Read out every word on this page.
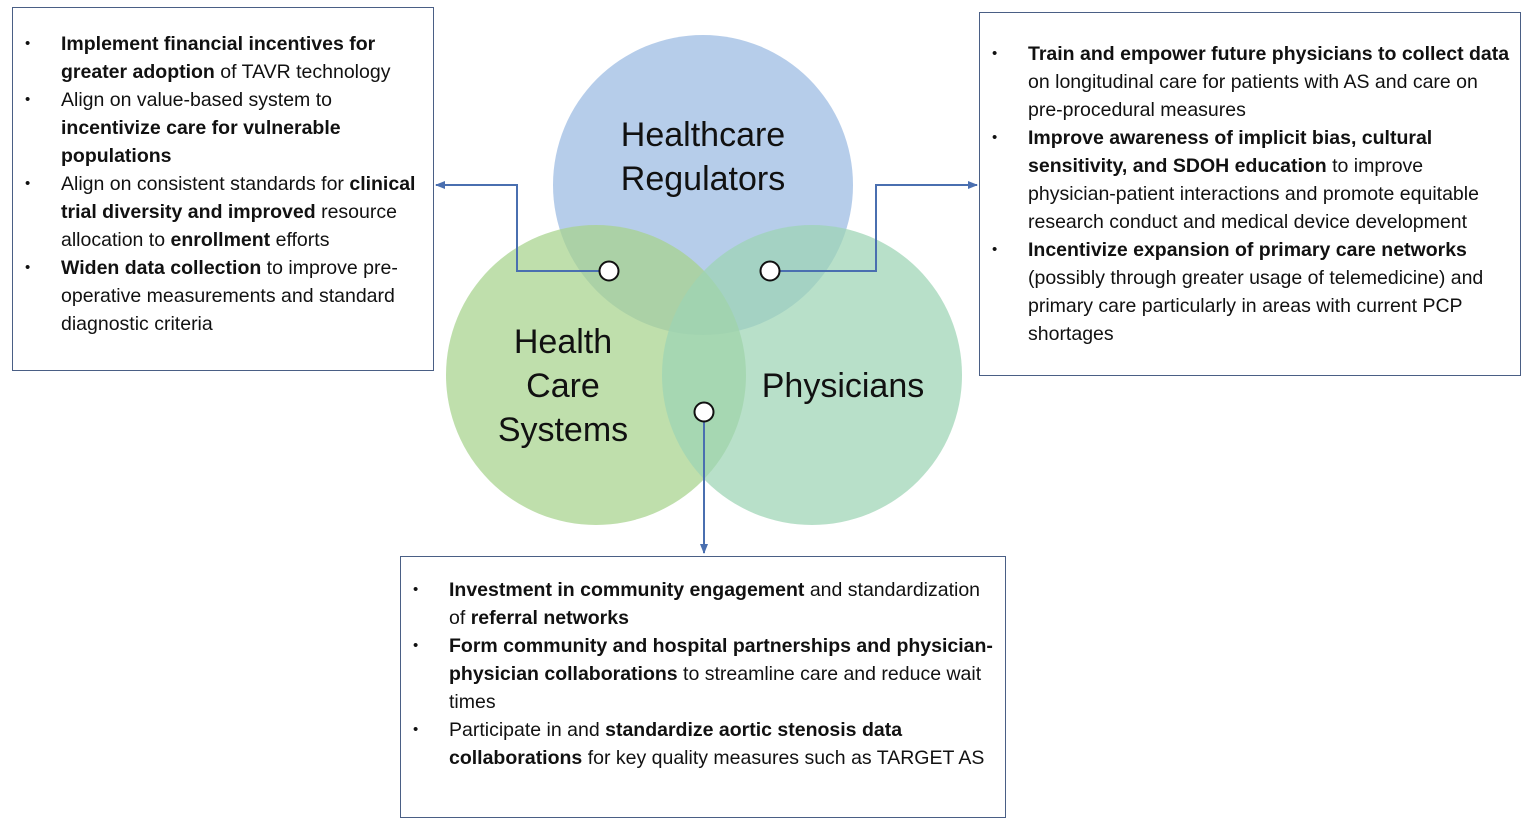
Healthcare
Regulators
Health
Care
Systems
Physicians
• Implement financial incentives for greater adoption of TAVR technology
• Align on value-based system to incentivize care for vulnerable populations
• Align on consistent standards for clinical trial diversity and improved resource allocation to enrollment efforts
• Widen data collection to improve pre-operative measurements and standard diagnostic criteria
• Train and empower future physicians to collect data on longitudinal care for patients with AS and care on pre-procedural measures
• Improve awareness of implicit bias, cultural sensitivity, and SDOH education to improve physician-patient interactions and promote equitable research conduct and medical device development
• Incentivize expansion of primary care networks (possibly through greater usage of telemedicine) and primary care particularly in areas with current PCP shortages
• Investment in community engagement and standardization of referral networks
• Form community and hospital partnerships and physician-physician collaborations to streamline care and reduce wait times
• Participate in and standardize aortic stenosis data collaborations for key quality measures such as TARGET AS
